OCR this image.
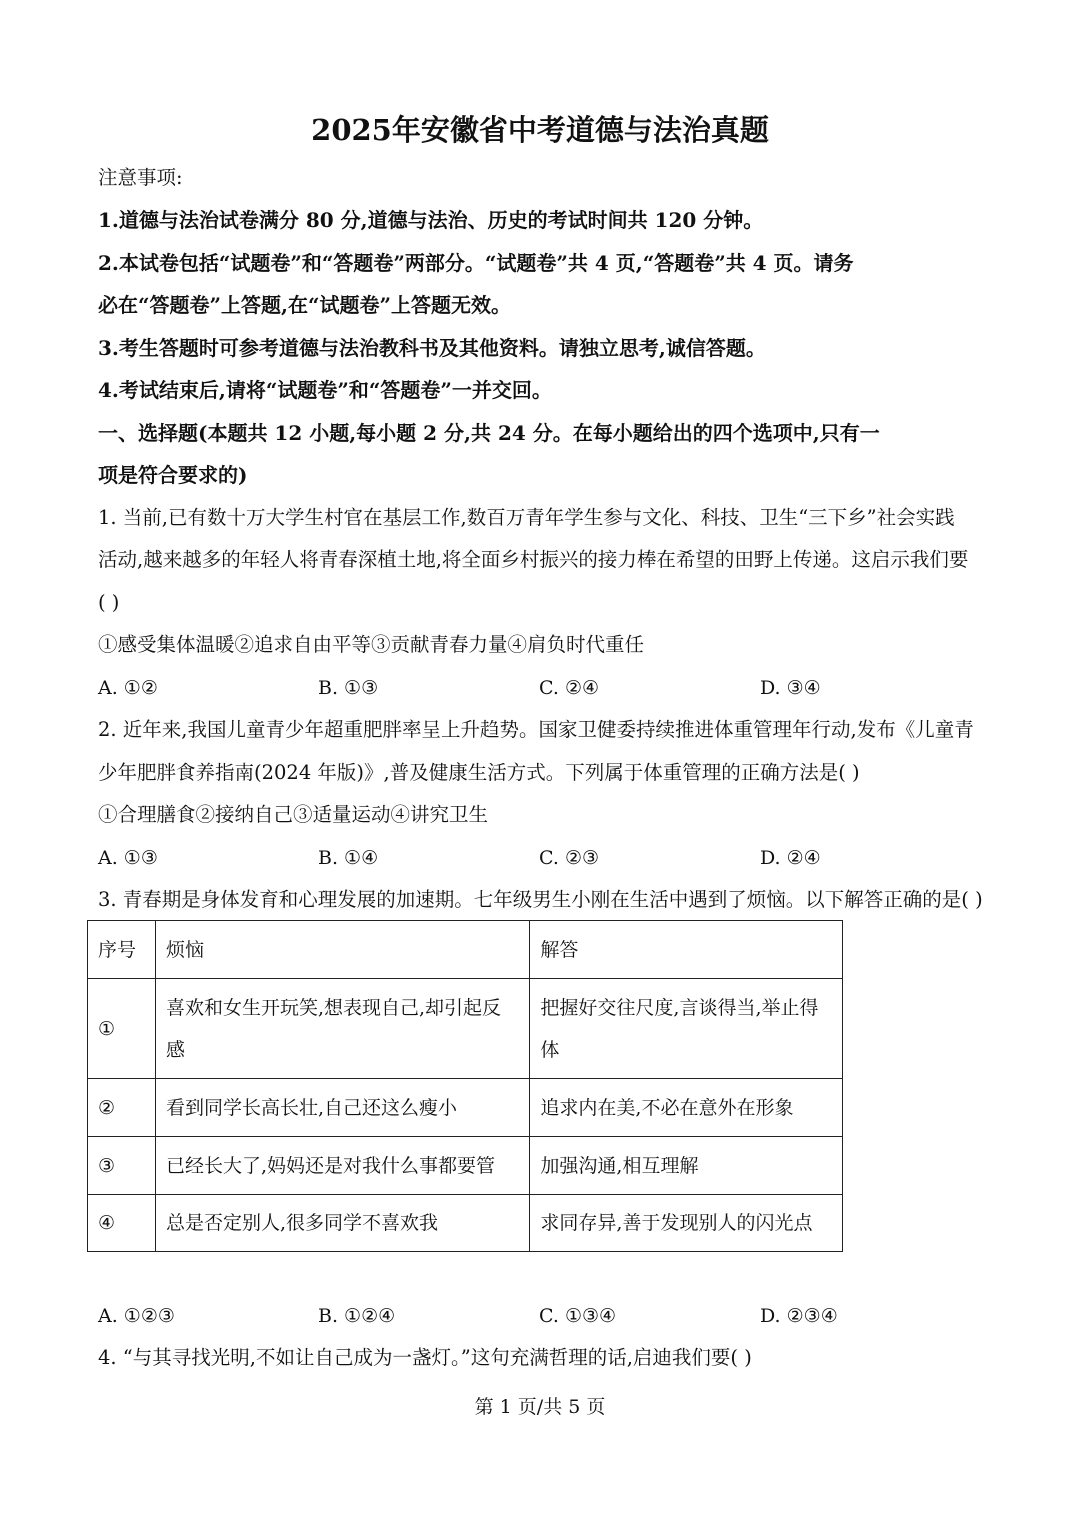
2025年安徽省中考道德与法治真题
注意事项:
1.道德与法治试卷满分 80 分,道德与法治、历史的考试时间共 120 分钟。
2.本试卷包括“试题卷”和“答题卷”两部分。“试题卷”共 4 页,“答题卷”共 4 页。请务
必在“答题卷”上答题,在“试题卷”上答题无效。
3.考生答题时可参考道德与法治教科书及其他资料。请独立思考,诚信答题。
4.考试结束后,请将“试题卷”和“答题卷”一并交回。
一、选择题(本题共 12 小题,每小题 2 分,共 24 分。在每小题给出的四个选项中,只有一
项是符合要求的)
1. 当前,已有数十万大学生村官在基层工作,数百万青年学生参与文化、科技、卫生“三下乡”社会实践
活动,越来越多的年轻人将青春深植土地,将全面乡村振兴的接力棒在希望的田野上传递。这启示我们要
( )
①感受集体温暖②追求自由平等③贡献青春力量④肩负时代重任
A. ①②	B. ①③	C. ②④	D. ③④
2. 近年来,我国儿童青少年超重肥胖率呈上升趋势。国家卫健委持续推进体重管理年行动,发布《儿童青
少年肥胖食养指南(2024 年版)》,普及健康生活方式。下列属于体重管理的正确方法是( )
①合理膳食②接纳自己③适量运动④讲究卫生
A. ①③	B. ①④	C. ②③	D. ②④
3. 青春期是身体发育和心理发展的加速期。七年级男生小刚在生活中遇到了烦恼。以下解答正确的是( )
序号	烦恼	解答
①	喜欢和女生开玩笑,想表现自己,却引起反感	把握好交往尺度,言谈得当,举止得体
②	看到同学长高长壮,自己还这么瘦小	追求内在美,不必在意外在形象
③	已经长大了,妈妈还是对我什么事都要管	加强沟通,相互理解
④	总是否定别人,很多同学不喜欢我	求同存异,善于发现别人的闪光点
A. ①②③	B. ①②④	C. ①③④	D. ②③④
4. “与其寻找光明,不如让自己成为一盏灯。”这句充满哲理的话,启迪我们要( )
第 1 页/共 5 页
